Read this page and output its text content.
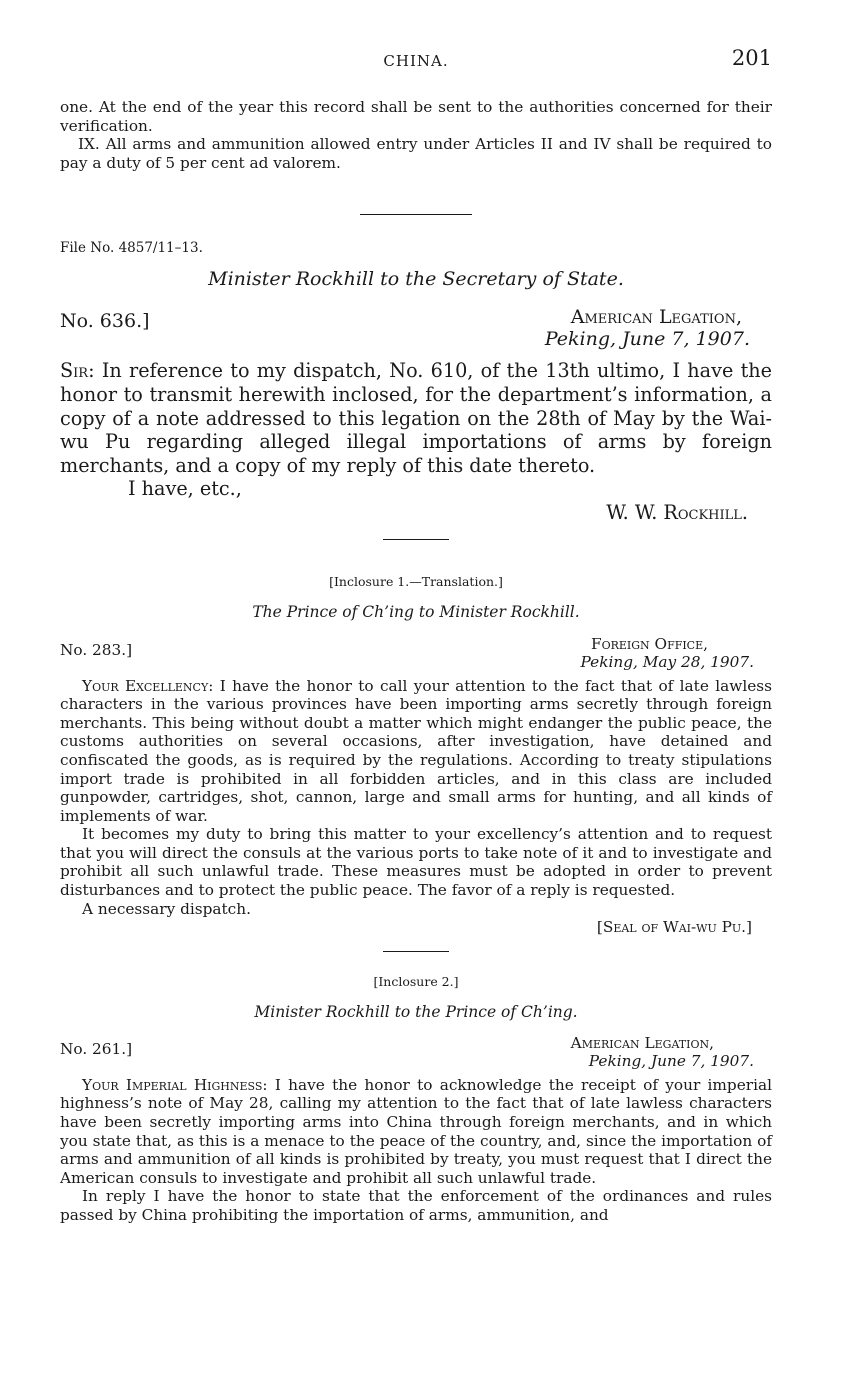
CHINA.	201

one. At the end of the year this record shall be sent to the authorities concerned for their verification.

IX. All arms and ammunition allowed entry under Articles II and IV shall be required to pay a duty of 5 per cent ad valorem.

File No. 4857/11–13.
Minister Rockhill to the Secretary of State.
No. 636.]	American Legation,
Peking, June 7, 1907.

Sir: In reference to my dispatch, No. 610, of the 13th ultimo, I have the honor to transmit herewith inclosed, for the department’s information, a copy of a note addressed to this legation on the 28th of May by the Wai-wu Pu regarding alleged illegal importations of arms by foreign merchants, and a copy of my reply of this date thereto.

I have, etc.,

W. W. Rockhill.

[Inclosure 1.—Translation.]
The Prince of Ch’ing to Minister Rockhill.
No. 283.]	Foreign Office,
Peking, May 28, 1907.

Your Excellency: I have the honor to call your attention to the fact that of late lawless characters in the various provinces have been importing arms secretly through foreign merchants. This being without doubt a matter which might endanger the public peace, the customs authorities on several occasions, after investigation, have detained and confiscated the goods, as is required by the regulations. According to treaty stipulations import trade is prohibited in all forbidden articles, and in this class are included gunpowder, cartridges, shot, cannon, large and small arms for hunting, and all kinds of implements of war.

It becomes my duty to bring this matter to your excellency’s attention and to request that you will direct the consuls at the various ports to take note of it and to investigate and prohibit all such unlawful trade. These measures must be adopted in order to prevent disturbances and to protect the public peace. The favor of a reply is requested.

A necessary dispatch.

[Seal of Wai-wu Pu.]

[Inclosure 2.]
Minister Rockhill to the Prince of Ch’ing.
No. 261.]	American Legation,
Peking, June 7, 1907.

Your Imperial Highness: I have the honor to acknowledge the receipt of your imperial highness’s note of May 28, calling my attention to the fact that of late lawless characters have been secretly importing arms into China through foreign merchants, and in which you state that, as this is a menace to the peace of the country, and, since the importation of arms and ammunition of all kinds is prohibited by treaty, you must request that I direct the American consuls to investigate and prohibit all such unlawful trade.

In reply I have the honor to state that the enforcement of the ordinances and rules passed by China prohibiting the importation of arms, ammunition, and
